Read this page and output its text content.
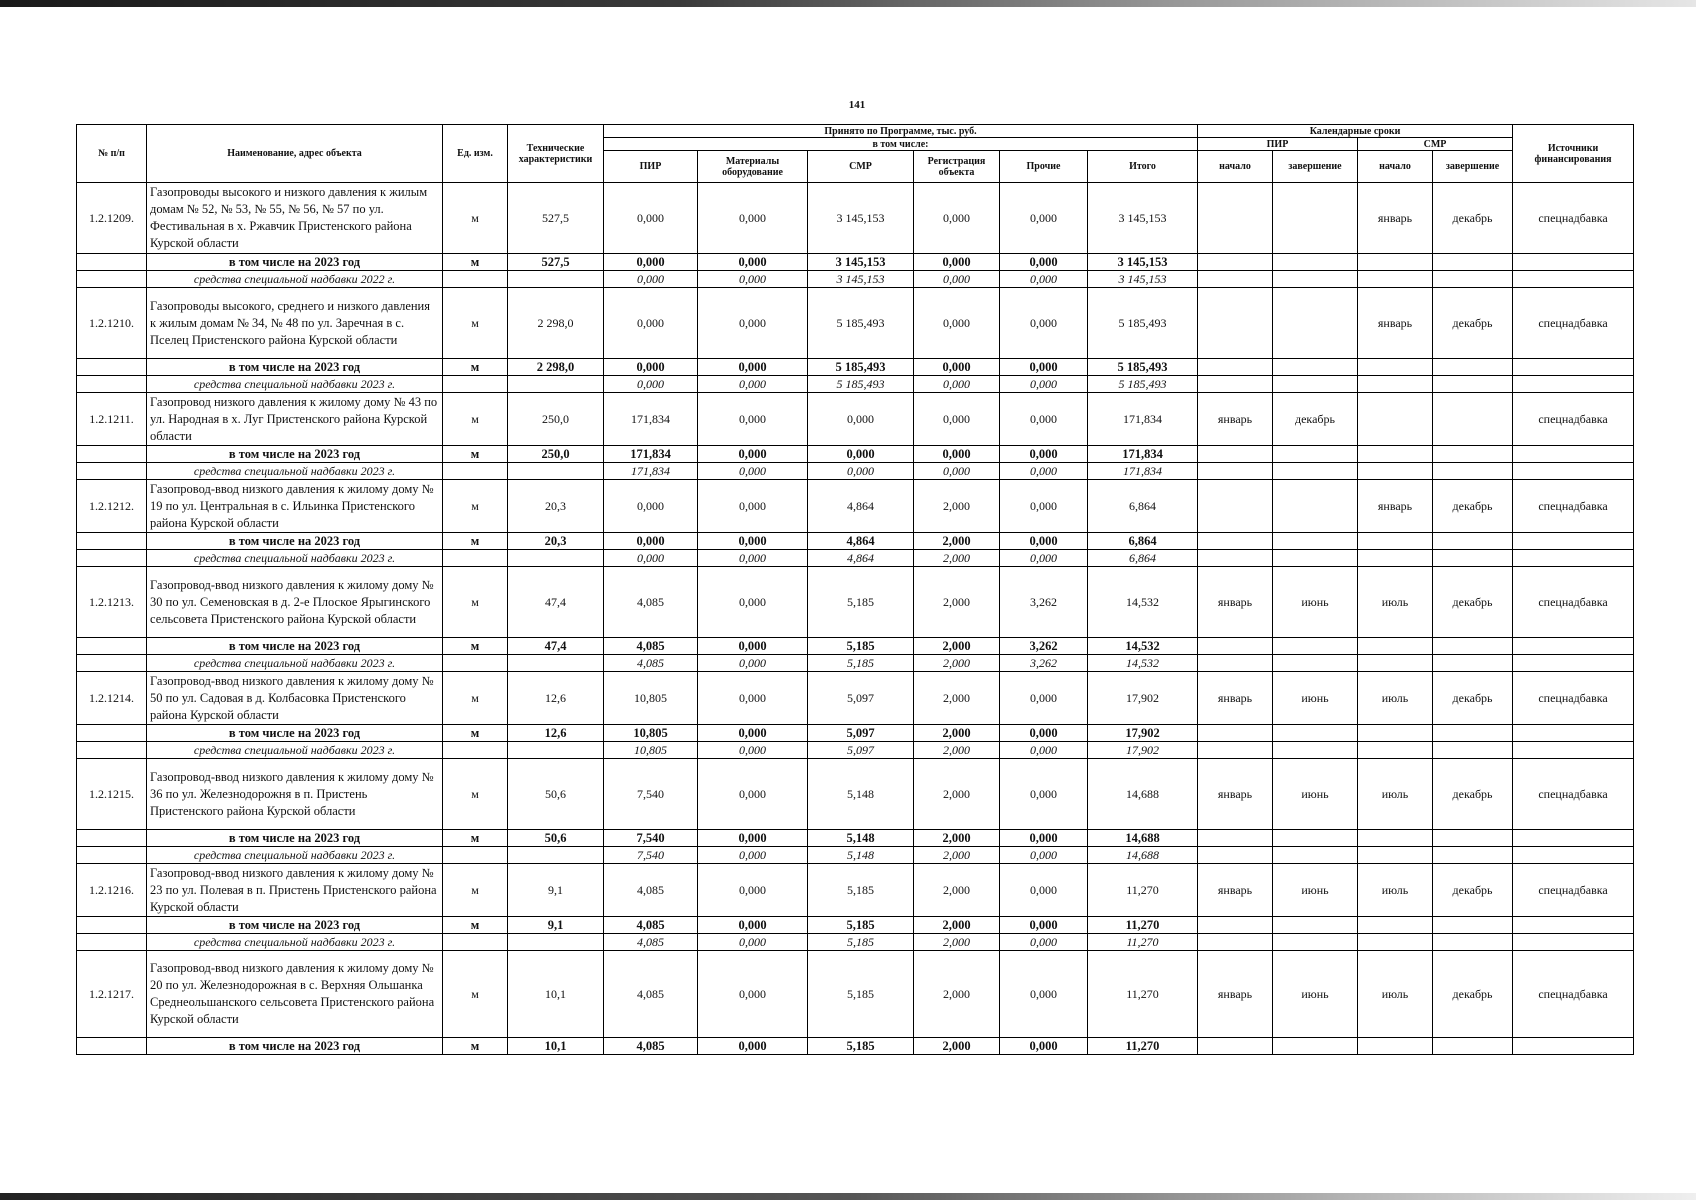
141
№ п/п	Наименование, адрес объекта	Ед. изм.	Технические характеристики	Принято по Программе, тыс. руб.						Календарные сроки				Источники финансирования
				в том числе:						ПИР		СМР		
				ПИР	Материалы оборудование	СМР	Регистрация объекта	Прочие	Итого	начало	завершение	начало	завершение	
1.2.1209.	Газопроводы высокого и низкого давления к жилым домам № 52, № 53, № 55, № 56, № 57 по ул. Фестивальная в х. Ржавчик Пристенского района Курской области	м	527,5	0,000	0,000	3 145,153	0,000	0,000	3 145,153			январь	декабрь	спецнадбавка
	в том числе на 2023 год	м	527,5	0,000	0,000	3 145,153	0,000	0,000	3 145,153					
	средства специальной надбавки 2022 г.			0,000	0,000	3 145,153	0,000	0,000	3 145,153					
1.2.1210.	Газопроводы высокого, среднего и низкого давления к жилым домам № 34, № 48 по ул. Заречная в с. Пселец Пристенского района Курской области	м	2 298,0	0,000	0,000	5 185,493	0,000	0,000	5 185,493			январь	декабрь	спецнадбавка
	в том числе на 2023 год	м	2 298,0	0,000	0,000	5 185,493	0,000	0,000	5 185,493					
	средства специальной надбавки 2023 г.			0,000	0,000	5 185,493	0,000	0,000	5 185,493					
1.2.1211.	Газопровод низкого давления к жилому дому № 43 по ул. Народная в х. Луг Пристенского района Курской области	м	250,0	171,834	0,000	0,000	0,000	0,000	171,834	январь	декабрь			спецнадбавка
	в том числе на 2023 год	м	250,0	171,834	0,000	0,000	0,000	0,000	171,834					
	средства специальной надбавки 2023 г.			171,834	0,000	0,000	0,000	0,000	171,834					
1.2.1212.	Газопровод-ввод низкого давления к жилому дому № 19 по ул. Центральная в с. Ильинка Пристенского района Курской области	м	20,3	0,000	0,000	4,864	2,000	0,000	6,864			январь	декабрь	спецнадбавка
	в том числе на 2023 год	м	20,3	0,000	0,000	4,864	2,000	0,000	6,864					
	средства специальной надбавки 2023 г.			0,000	0,000	4,864	2,000	0,000	6,864					
1.2.1213.	Газопровод-ввод низкого давления к жилому дому № 30 по ул. Семеновская в д. 2-е Плоское Ярыгинского сельсовета Пристенского района Курской области	м	47,4	4,085	0,000	5,185	2,000	3,262	14,532	январь	июнь	июль	декабрь	спецнадбавка
	в том числе на 2023 год	м	47,4	4,085	0,000	5,185	2,000	3,262	14,532					
	средства специальной надбавки 2023 г.			4,085	0,000	5,185	2,000	3,262	14,532					
1.2.1214.	Газопровод-ввод низкого давления к жилому дому № 50 по ул. Садовая в д. Колбасовка Пристенского района Курской области	м	12,6	10,805	0,000	5,097	2,000	0,000	17,902	январь	июнь	июль	декабрь	спецнадбавка
	в том числе на 2023 год	м	12,6	10,805	0,000	5,097	2,000	0,000	17,902					
	средства специальной надбавки 2023 г.			10,805	0,000	5,097	2,000	0,000	17,902					
1.2.1215.	Газопровод-ввод низкого давления к жилому дому № 36 по ул. Железнодорожня в п. Пристень Пристенского района Курской области	м	50,6	7,540	0,000	5,148	2,000	0,000	14,688	январь	июнь	июль	декабрь	спецнадбавка
	в том числе на 2023 год	м	50,6	7,540	0,000	5,148	2,000	0,000	14,688					
	средства специальной надбавки 2023 г.			7,540	0,000	5,148	2,000	0,000	14,688					
1.2.1216.	Газопровод-ввод низкого давления к жилому дому № 23 по ул. Полевая в п. Пристень Пристенского района Курской области	м	9,1	4,085	0,000	5,185	2,000	0,000	11,270	январь	июнь	июль	декабрь	спецнадбавка
	в том числе на 2023 год	м	9,1	4,085	0,000	5,185	2,000	0,000	11,270					
	средства специальной надбавки 2023 г.			4,085	0,000	5,185	2,000	0,000	11,270					
1.2.1217.	Газопровод-ввод низкого давления к жилому дому № 20 по ул. Железнодорожная в с. Верхняя Ольшанка Среднеольшанского сельсовета Пристенского района Курской области	м	10,1	4,085	0,000	5,185	2,000	0,000	11,270	январь	июнь	июль	декабрь	спецнадбавка
	в том числе на 2023 год	м	10,1	4,085	0,000	5,185	2,000	0,000	11,270					
